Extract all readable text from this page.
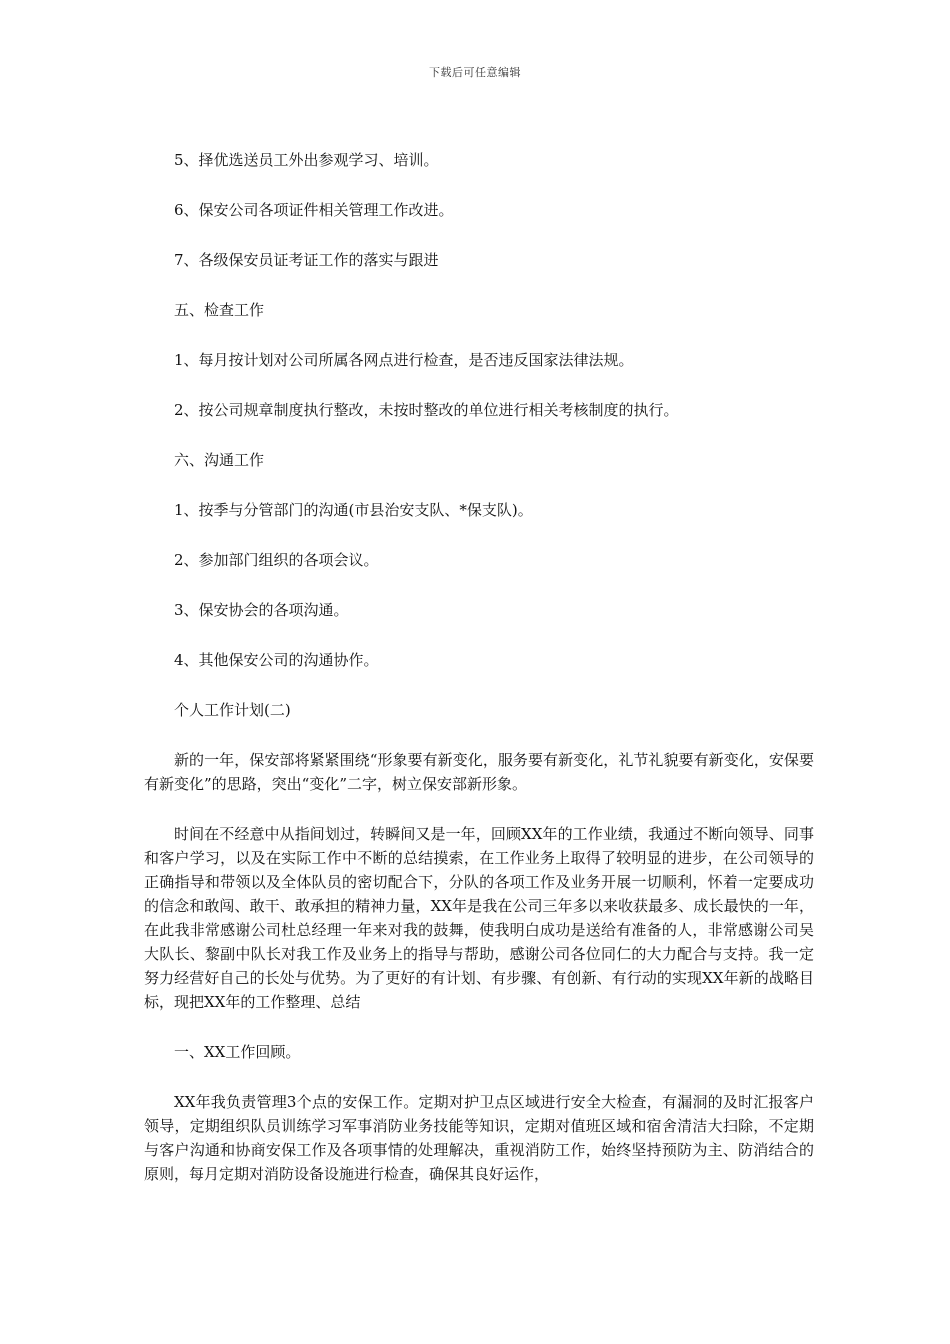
下载后可任意编辑
5、择优选送员工外出参观学习、培训。
6、保安公司各项证件相关管理工作改进。
7、各级保安员证考证工作的落实与跟进
五、检查工作
1、每月按计划对公司所属各网点进行检查，是否违反国家法律法规。
2、按公司规章制度执行整改，未按时整改的单位进行相关考核制度的执行。
六、沟通工作
1、按季与分管部门的沟通(市县治安支队、*保支队)。
2、参加部门组织的各项会议。
3、保安协会的各项沟通。
4、其他保安公司的沟通协作。
个人工作计划(二)

新的一年，保安部将紧紧围绕“形象要有新变化，服务要有新变化，礼节礼貌要有新变化，安保要有新变化”的思路，突出“变化”二字，树立保安部新形象。

时间在不经意中从指间划过，转瞬间又是一年，回顾XX年的工作业绩，我通过不断向领导、同事和客户学习，以及在实际工作中不断的总结摸索，在工作业务上取得了较明显的进步，在公司领导的正确指导和带领以及全体队员的密切配合下，分队的各项工作及业务开展一切顺利，怀着一定要成功的信念和敢闯、敢干、敢承担的精神力量，XX年是我在公司三年多以来收获最多、成长最快的一年，在此我非常感谢公司杜总经理一年来对我的鼓舞，使我明白成功是送给有准备的人，非常感谢公司吴大队长、黎副中队长对我工作及业务上的指导与帮助，感谢公司各位同仁的大力配合与支持。我一定努力经营好自己的长处与优势。为了更好的有计划、有步骤、有创新、有行动的实现XX年新的战略目标，现把XX年的工作整理、总结

一、XX工作回顾。

XX年我负责管理3个点的安保工作。定期对护卫点区域进行安全大检查，有漏洞的及时汇报客户领导，定期组织队员训练学习军事消防业务技能等知识，定期对值班区域和宿舍清洁大扫除，不定期与客户沟通和协商安保工作及各项事情的处理解决，重视消防工作，始终坚持预防为主、防消结合的原则，每月定期对消防设备设施进行检查，确保其良好运作，
